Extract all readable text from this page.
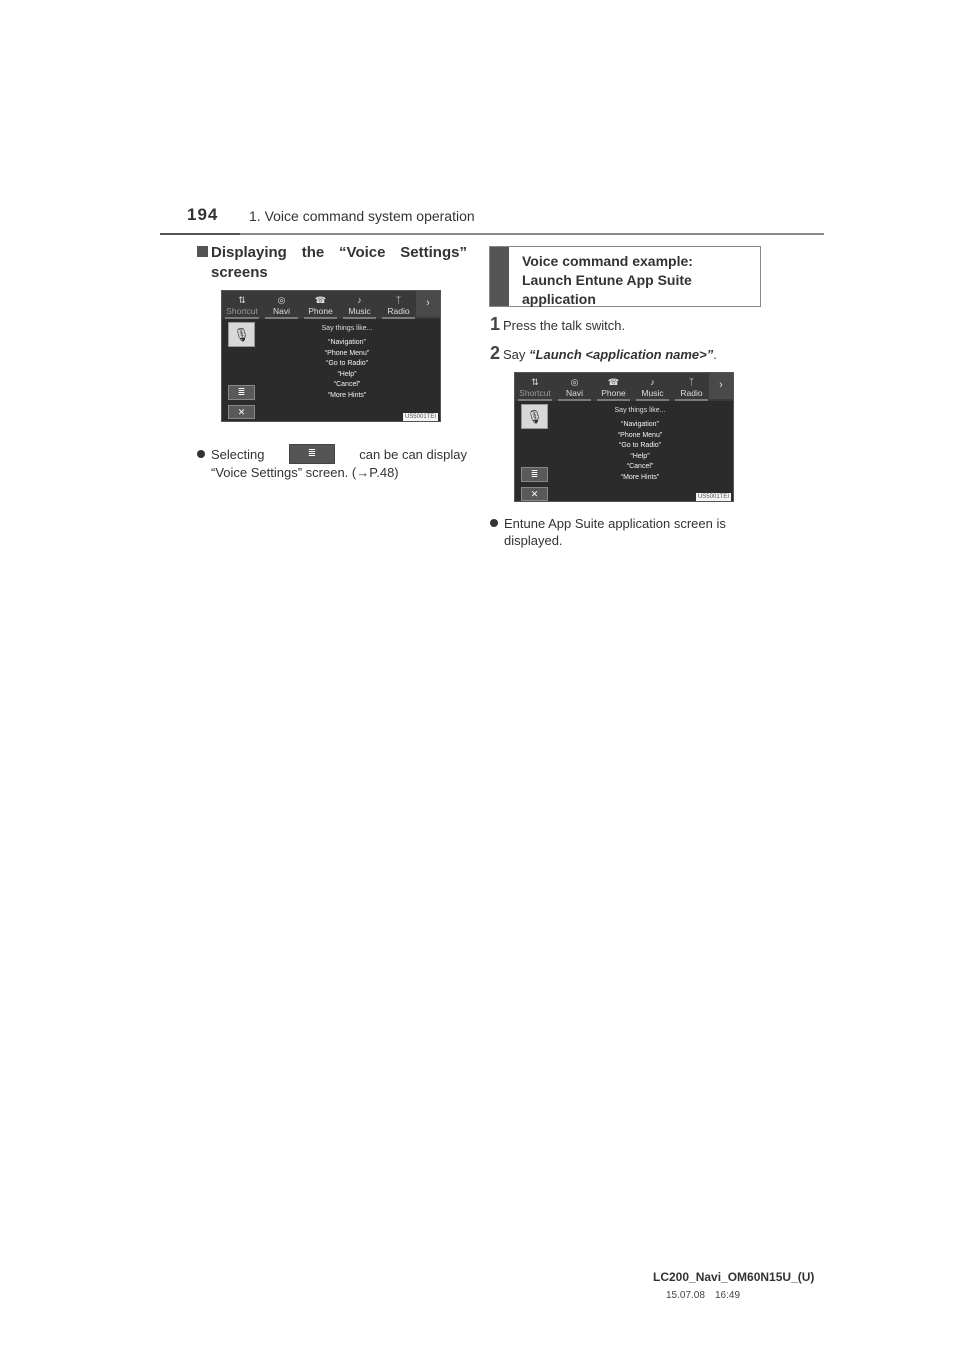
194 1. Voice command system operation
Displaying the “Voice Settings”
screens
⇅
Shortcut
◎
Navi
☎
Phone
♪
Music
ᛉ
Radio
›
🎙
≣
✕
Say things like...
“Navigation”
“Phone Menu”
“Go to Radio”
“Help”
“Cancel”
“More Hints”
US5001TEI
Selecting	≣	can be can display
“Voice Settings” screen. (→P.48)
Voice command example:
Launch Entune App Suite
application
1 Press the talk switch.
2 Say “Launch <application name>”.
⇅
Shortcut
◎
Navi
☎
Phone
♪
Music
ᛉ
Radio
›
🎙
≣
✕
Say things like...
“Navigation”
“Phone Menu”
“Go to Radio”
“Help”
“Cancel”
“More Hints”
US5001TEI
Entune App Suite application screen is
displayed.
LC200_Navi_OM60N15U_(U)
15.07.08 16:49
